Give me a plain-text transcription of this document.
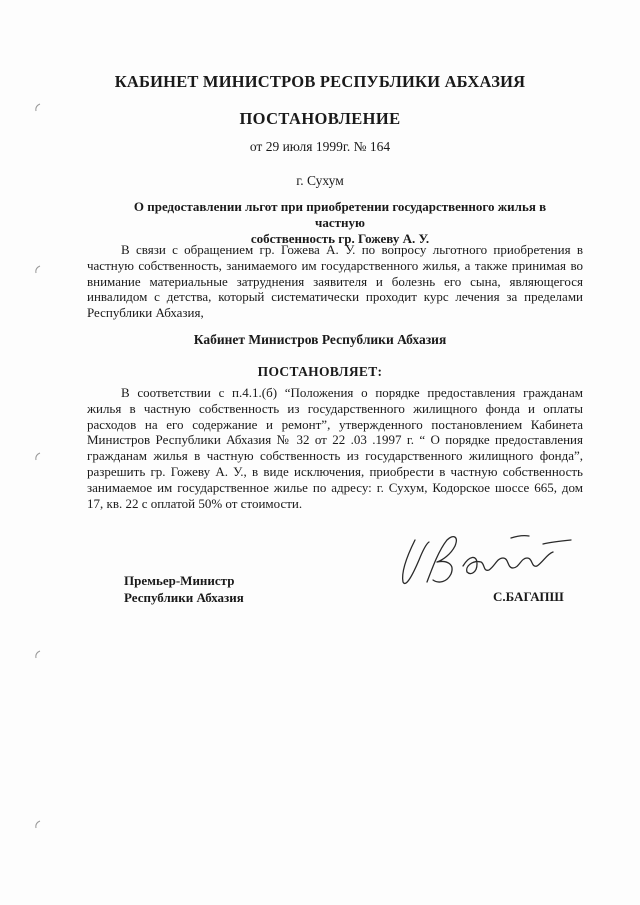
КАБИНЕТ МИНИСТРОВ РЕСПУБЛИКИ АБХАЗИЯ
ПОСТАНОВЛЕНИЕ
от 29 июля 1999г. № 164
г. Сухум
О предоставлении льгот при приобретении государственного жилья в частную
собственность гр. Гожеву А. У.
В связи с обращением гр. Гожева А. У. по вопросу льготного приобретения в
частную собственность, занимаемого им государственного жилья, а также принимая во
внимание материальные затруднения заявителя и болезнь его сына, являющегося
инвалидом с детства, который систематически проходит курс лечения за пределами
Республики Абхазия,
Кабинет Министров Республики Абхазия
ПОСТАНОВЛЯЕТ:
В соответствии с п.4.1.(б) “Положения о порядке предоставления гражданам
жилья в частную собственность из государственного жилищного фонда и оплаты
расходов на его содержание и ремонт”, утвержденного постановлением Кабинета
Министров Республики Абхазия № 32 от 22 .03 .1997 г. “ О порядке предоставления
гражданам жилья в частную собственность из государственного жилищного фонда”,
разрешить гр. Гожеву А. У., в виде исключения, приобрести в частную собственность
занимаемое им государственное жилье по адресу: г. Сухум, Кодорское шоссе 665, дом
17, кв. 22 с оплатой 50% от стоимости.
Премьер-Министр
Республики Абхазия	С.БАГАПШ
